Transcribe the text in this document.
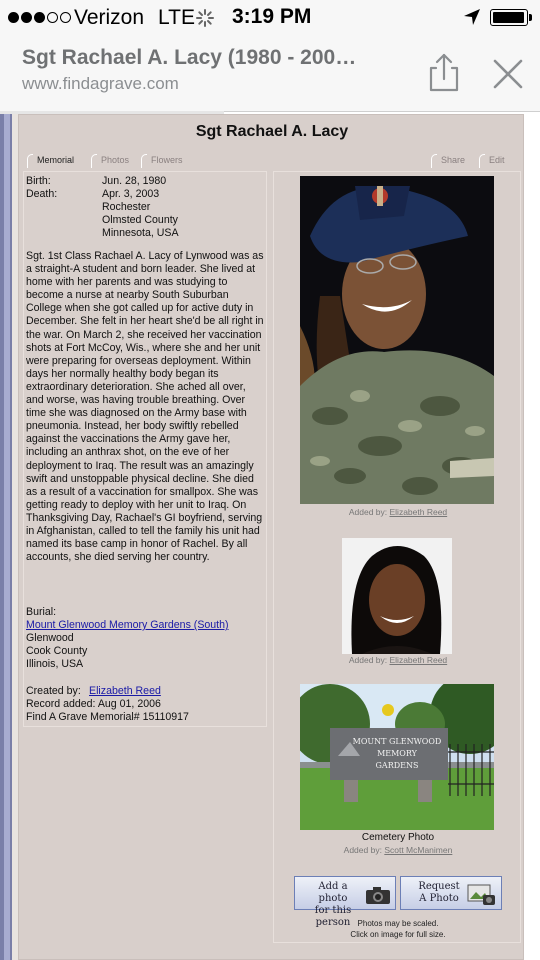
Verizon LTE 3:19 PM
Sgt Rachael A. Lacy (1980 - 200…
www.findagrave.com
Sgt Rachael A. Lacy
Memorial	Photos	Flowers	Share	Edit
Birth:	Jun. 28, 1980
Death:	Apr. 3, 2003
Rochester
Olmsted County
Minnesota, USA
Sgt. 1st Class Rachael A. Lacy of Lynwood was as a straight-A student and born leader. She lived at home with her parents and was studying to become a nurse at nearby South Suburban College when she got called up for active duty in December. She felt in her heart she'd be all right in the war. On March 2, she received her vaccination shots at Fort McCoy, Wis., where she and her unit were preparing for overseas deployment. Within days her normally healthy body began its extraordinary deterioration. She ached all over, and worse, was having trouble breathing. Over time she was diagnosed on the Army base with pneumonia. Instead, her body swiftly rebelled against the vaccinations the Army gave her, including an anthrax shot, on the eve of her deployment to Iraq. The result was an amazingly swift and unstoppable physical decline. She died as a result of a vaccination for smallpox. She was getting ready to deploy with her unit to Iraq. On Thanksgiving Day, Rachael's GI boyfriend, serving in Afghanistan, called to tell the family his unit had named its base camp in honor of Rachel. By all accounts, she died serving her country.
Burial:
Mount Glenwood Memory Gardens (South)
Glenwood
Cook County
Illinois, USA
Created by: Elizabeth Reed
Record added: Aug 01, 2006
Find A Grave Memorial# 15110917
Added by: Elizabeth Reed
Added by: Elizabeth Reed
MOUNT GLENWOOD
MEMORY
GARDENS
Cemetery Photo
Added by: Scott McManimen
Add a photo
for this person
Request
A Photo
Photos may be scaled.
Click on image for full size.
